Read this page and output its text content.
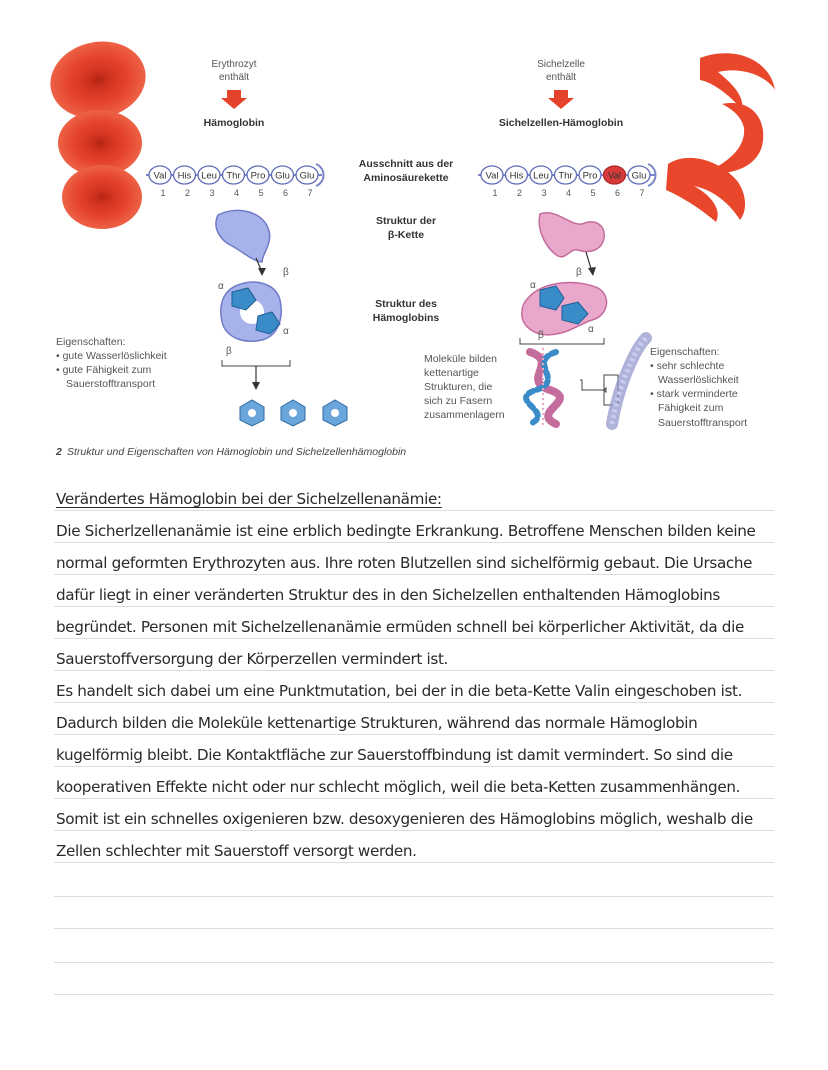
Erythrozyt
enthält
Hämoglobin
Sichelzelle
enthält
Sichelzellen-Hämoglobin
Ausschnitt aus der
Aminosäurekette
Struktur der
β-Kette
Struktur des
Hämoglobins
Val
1
His
2
Leu
3
Thr
4
Pro
5
Glu
6
Glu
7
Val
1
His
2
Leu
3
Thr
4
Pro
5
Val
6
Glu
7
α
β
α
β
Eigenschaften:
• gute Wasserlöslichkeit
• gute Fähigkeit zum
Sauerstofftransport
α
β
β
α
Moleküle bilden
kettenartige
Strukturen, die
sich zu Fasern
zusammenlagern
Eigenschaften:
• sehr schlechte
Wasserlöslichkeit
• stark verminderte
Fähigkeit zum
Sauerstofftransport
2 Struktur und Eigenschaften von Hämoglobin und Sichelzellenhämoglobin
Verändertes Hämoglobin bei der Sichelzellenanämie:
Die Sicherlzellenanämie ist eine erblich bedingte Erkrankung. Betroffene Menschen bilden keine
normal geformten Erythrozyten aus. Ihre roten Blutzellen sind sichelförmig gebaut. Die Ursache
dafür liegt in einer veränderten Struktur des in den Sichelzellen enthaltenden Hämoglobins
begründet. Personen mit Sichelzellenanämie ermüden schnell bei körperlicher Aktivität, da die
Sauerstoffversorgung der Körperzellen vermindert ist.
Es handelt sich dabei um eine Punktmutation, bei der in die beta-Kette Valin eingeschoben ist.
Dadurch bilden die Moleküle kettenartige Strukturen, während das normale Hämoglobin
kugelförmig bleibt. Die Kontaktfläche zur Sauerstoffbindung ist damit vermindert. So sind die
kooperativen Effekte nicht oder nur schlecht möglich, weil die beta-Ketten zusammenhängen.
Somit ist ein schnelles oxigenieren bzw. desoxygenieren des Hämoglobins möglich, weshalb die
Zellen schlechter mit Sauerstoff versorgt werden.
